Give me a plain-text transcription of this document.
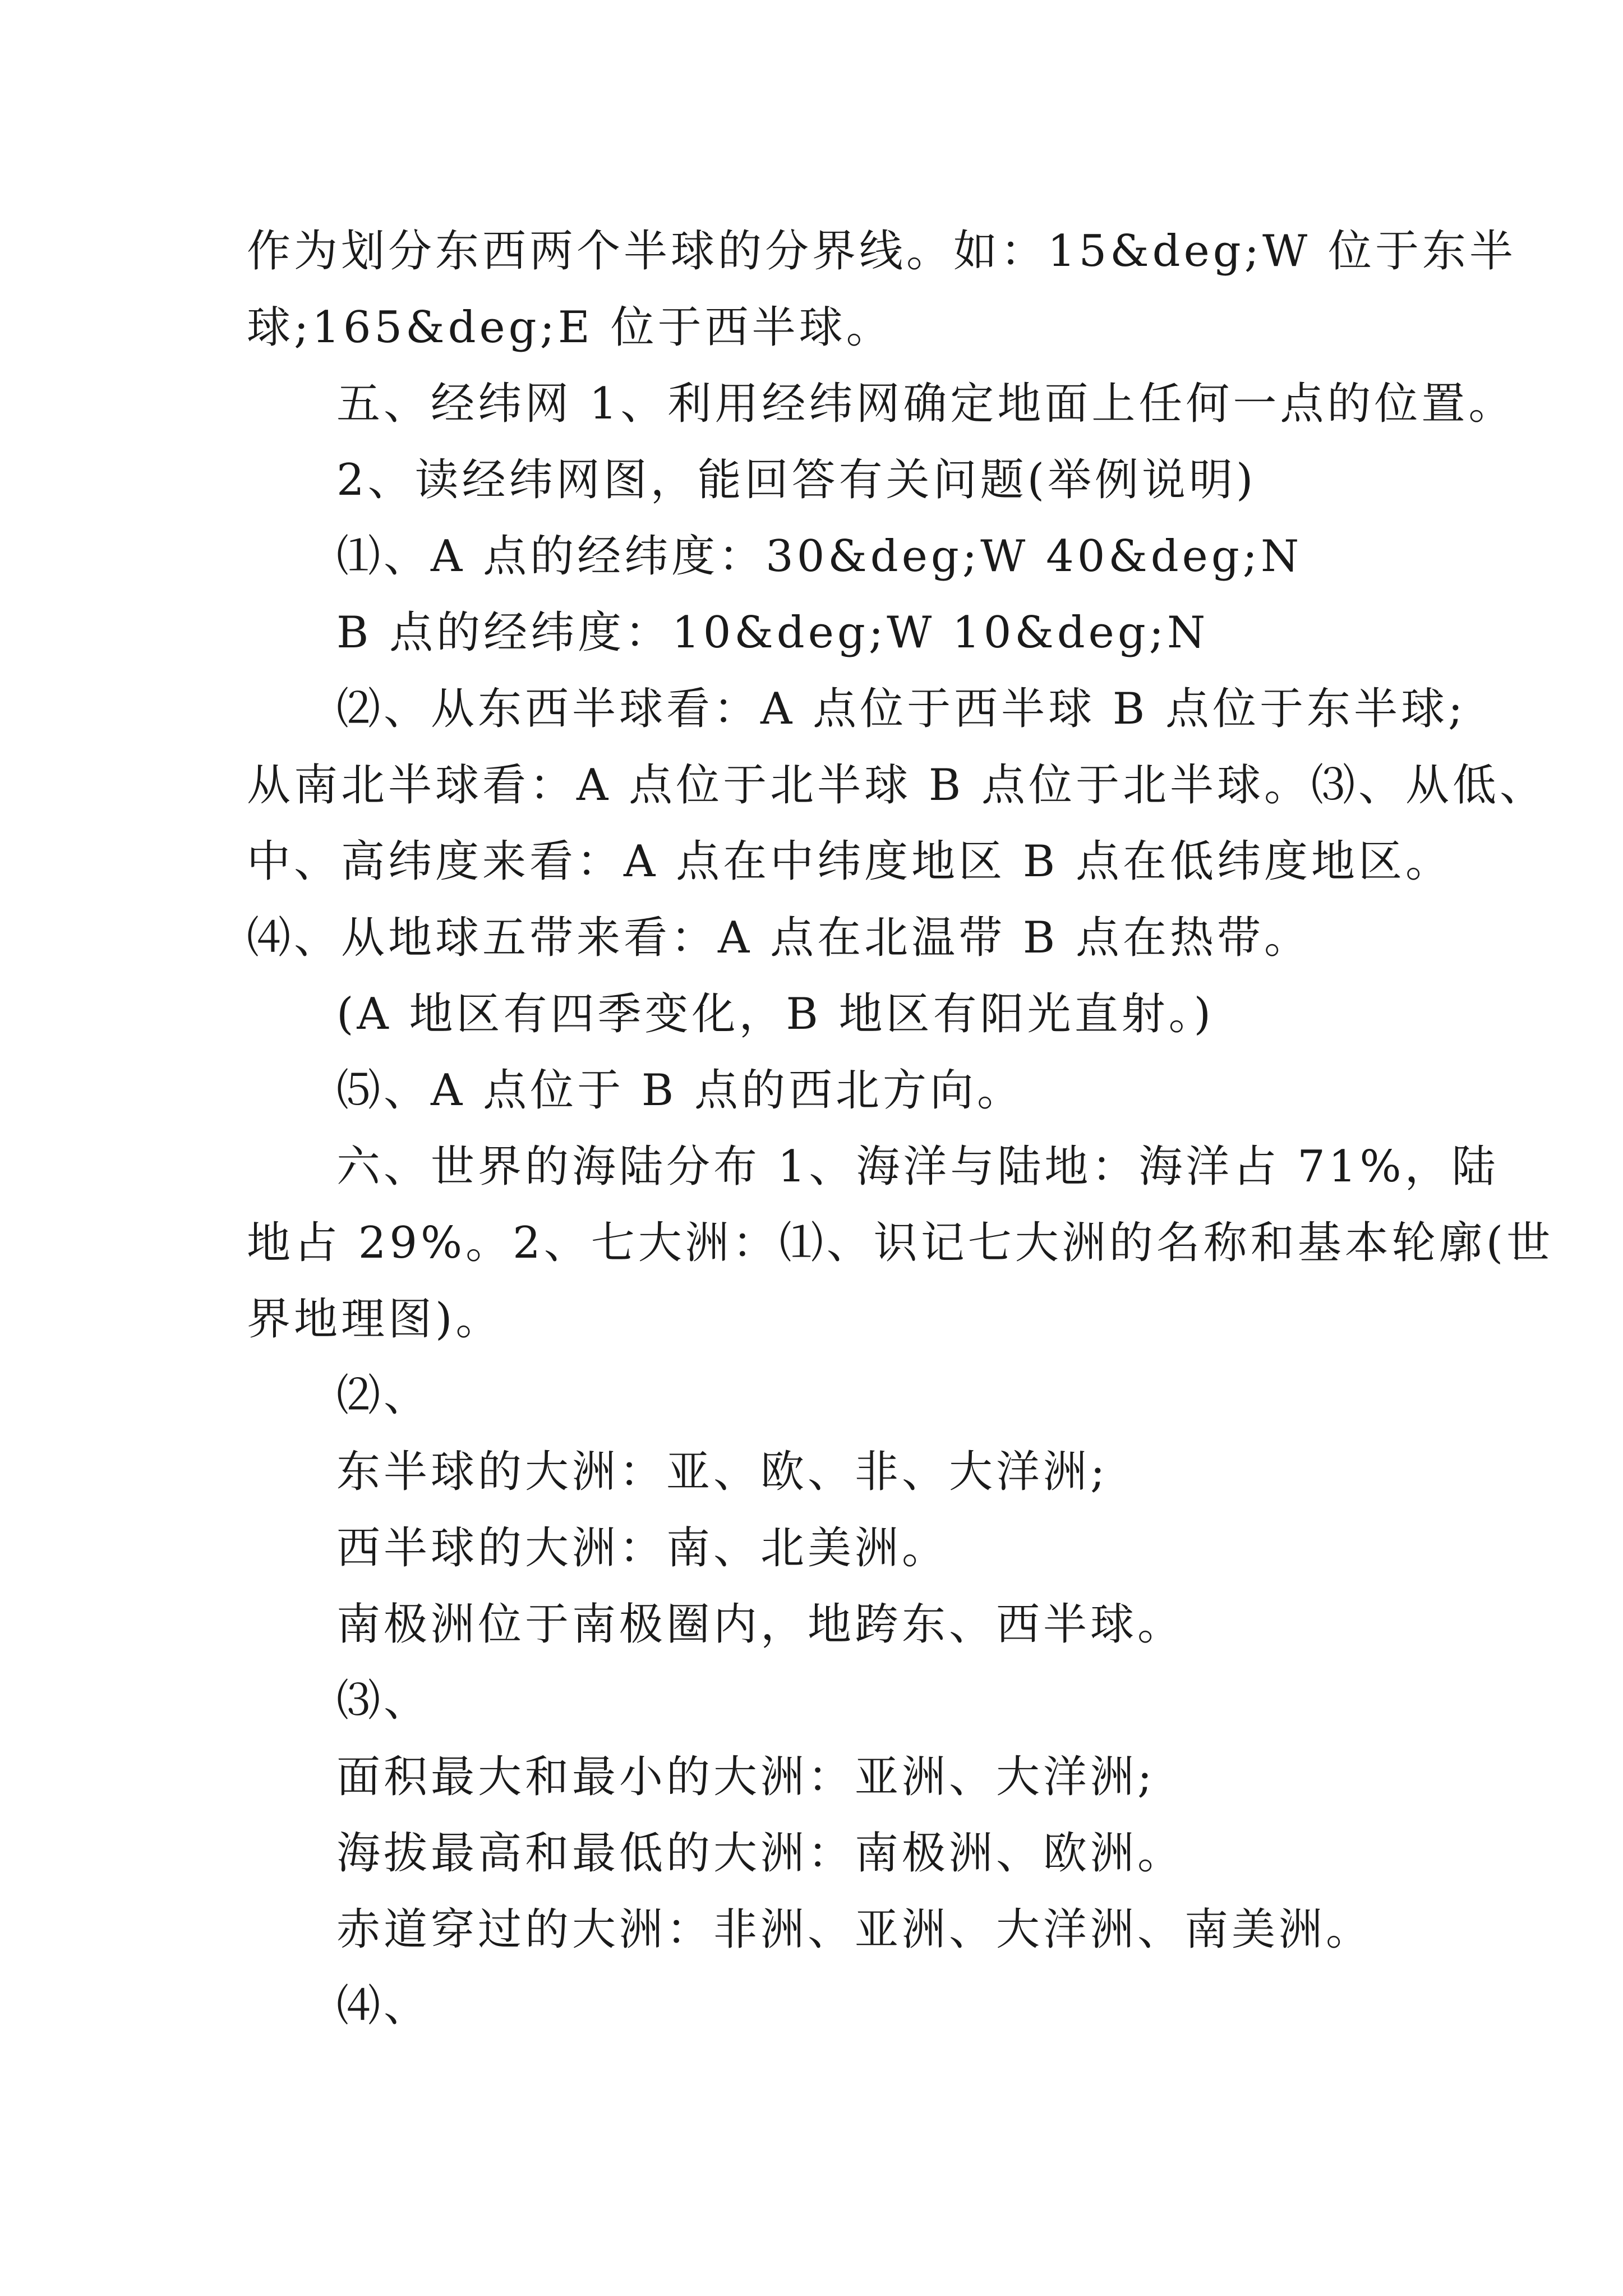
作为划分东西两个半球的分界线。如：15&deg;W 位于东半
球;165&deg;E 位于西半球。
五、经纬网 1、利用经纬网确定地面上任何一点的位置。
2、读经纬网图，能回答有关问题(举例说明)
⑴、A 点的经纬度：30&deg;W 40&deg;N
B 点的经纬度：10&deg;W 10&deg;N
⑵、从东西半球看：A 点位于西半球 B 点位于东半球;
从南北半球看：A 点位于北半球 B 点位于北半球。⑶、从低、
中、高纬度来看：A 点在中纬度地区 B 点在低纬度地区。
⑷、从地球五带来看：A 点在北温带 B 点在热带。
(A 地区有四季变化，B 地区有阳光直射。)
⑸、A 点位于 B 点的西北方向。
六、世界的海陆分布 1、海洋与陆地：海洋占 71%，陆
地占 29%。2、七大洲：⑴、识记七大洲的名称和基本轮廓(世
界地理图)。
⑵、
东半球的大洲：亚、欧、非、大洋洲;
西半球的大洲：南、北美洲。
南极洲位于南极圈内，地跨东、西半球。
⑶、
面积最大和最小的大洲：亚洲、大洋洲;
海拔最高和最低的大洲：南极洲、欧洲。
赤道穿过的大洲：非洲、亚洲、大洋洲、南美洲。
⑷、
